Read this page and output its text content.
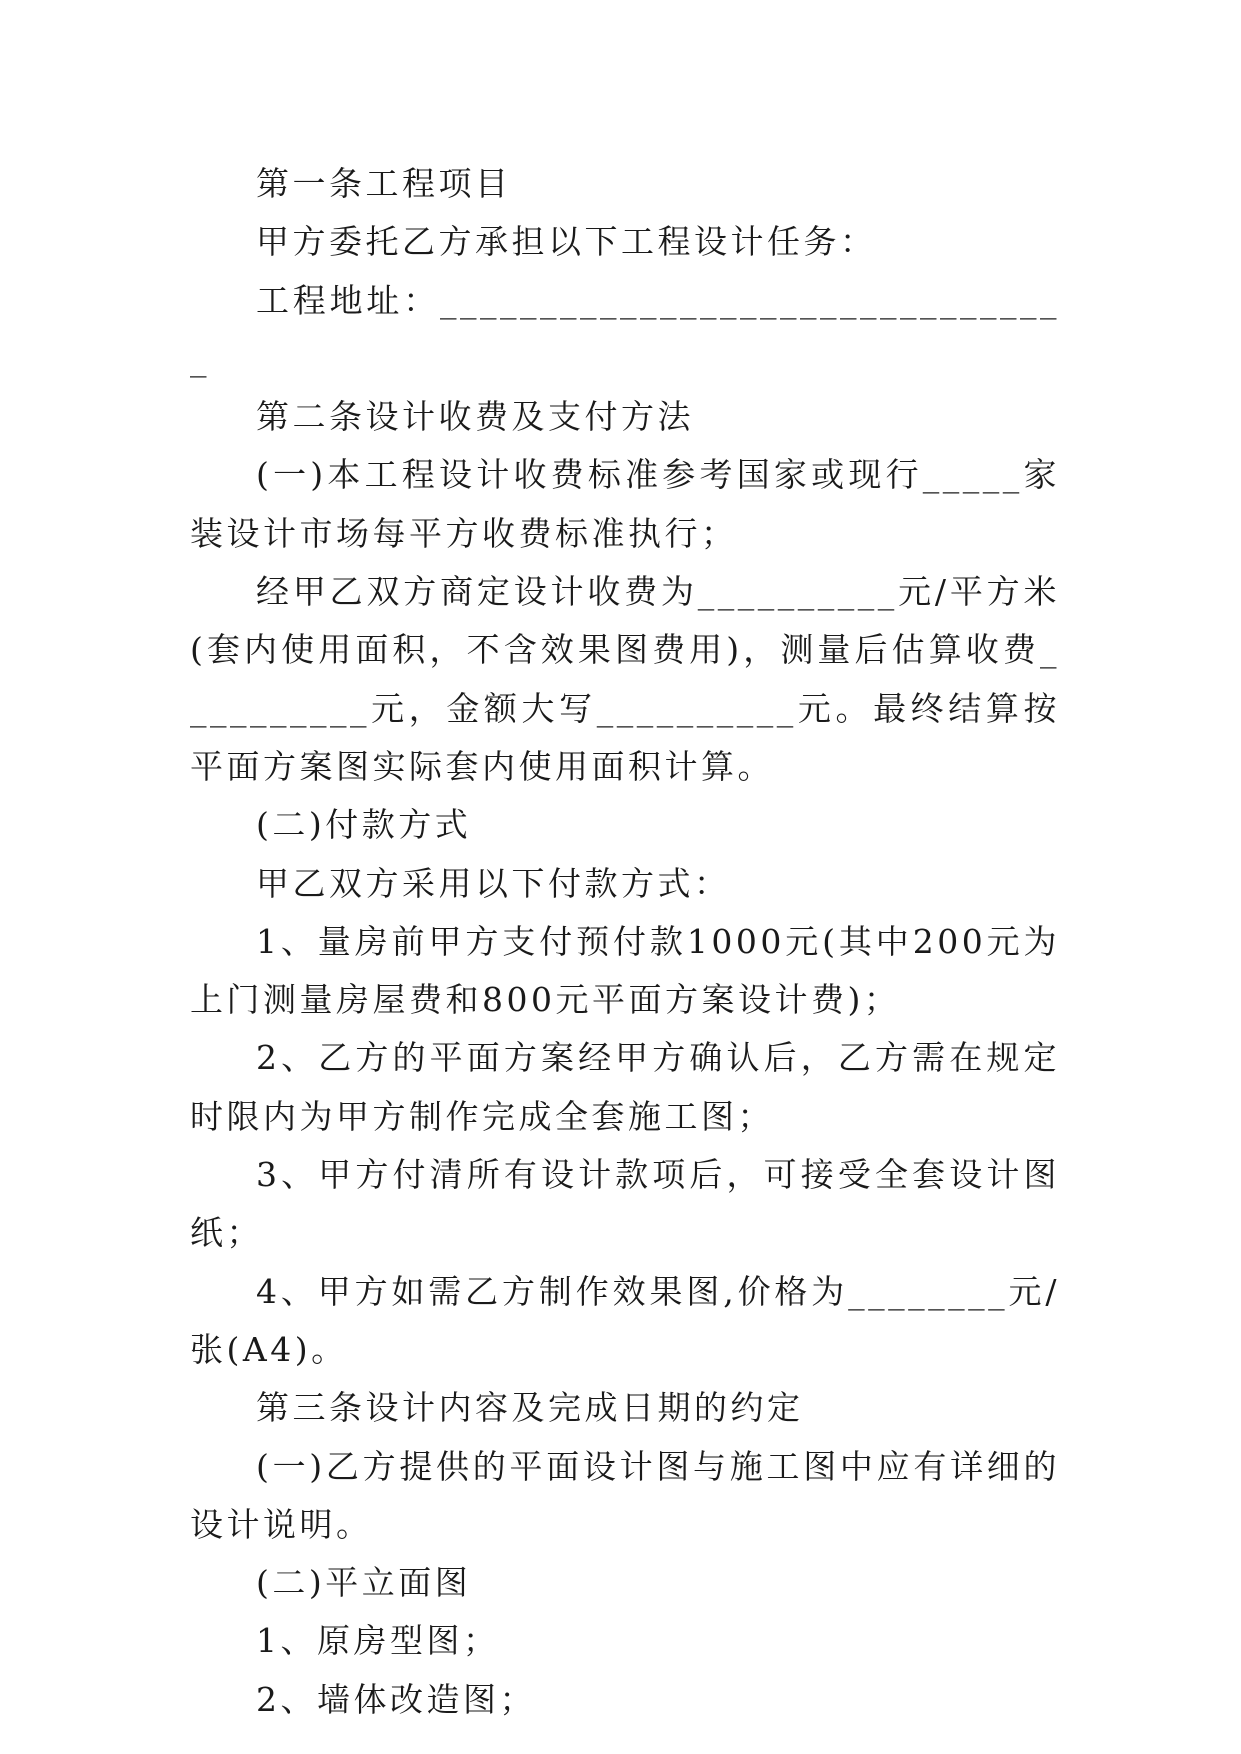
第一条工程项目

甲方委托乙方承担以下工程设计任务：

工程地址：________________________________

第二条设计收费及支付方法

(一)本工程设计收费标准参考国家或现行_____家装设计市场每平方收费标准执行；

经甲乙双方商定设计收费为__________元/平方米(套内使用面积，不含效果图费用)，测量后估算收费__________元，金额大写__________元。最终结算按平面方案图实际套内使用面积计算。

(二)付款方式

甲乙双方采用以下付款方式：

1、量房前甲方支付预付款1000元(其中200元为上门测量房屋费和800元平面方案设计费)；

2、乙方的平面方案经甲方确认后，乙方需在规定时限内为甲方制作完成全套施工图；

3、甲方付清所有设计款项后，可接受全套设计图纸；

4、甲方如需乙方制作效果图,价格为________元/张(A4)。

第三条设计内容及完成日期的约定

(一)乙方提供的平面设计图与施工图中应有详细的设计说明。

(二)平立面图

1、原房型图；

2、墙体改造图；
